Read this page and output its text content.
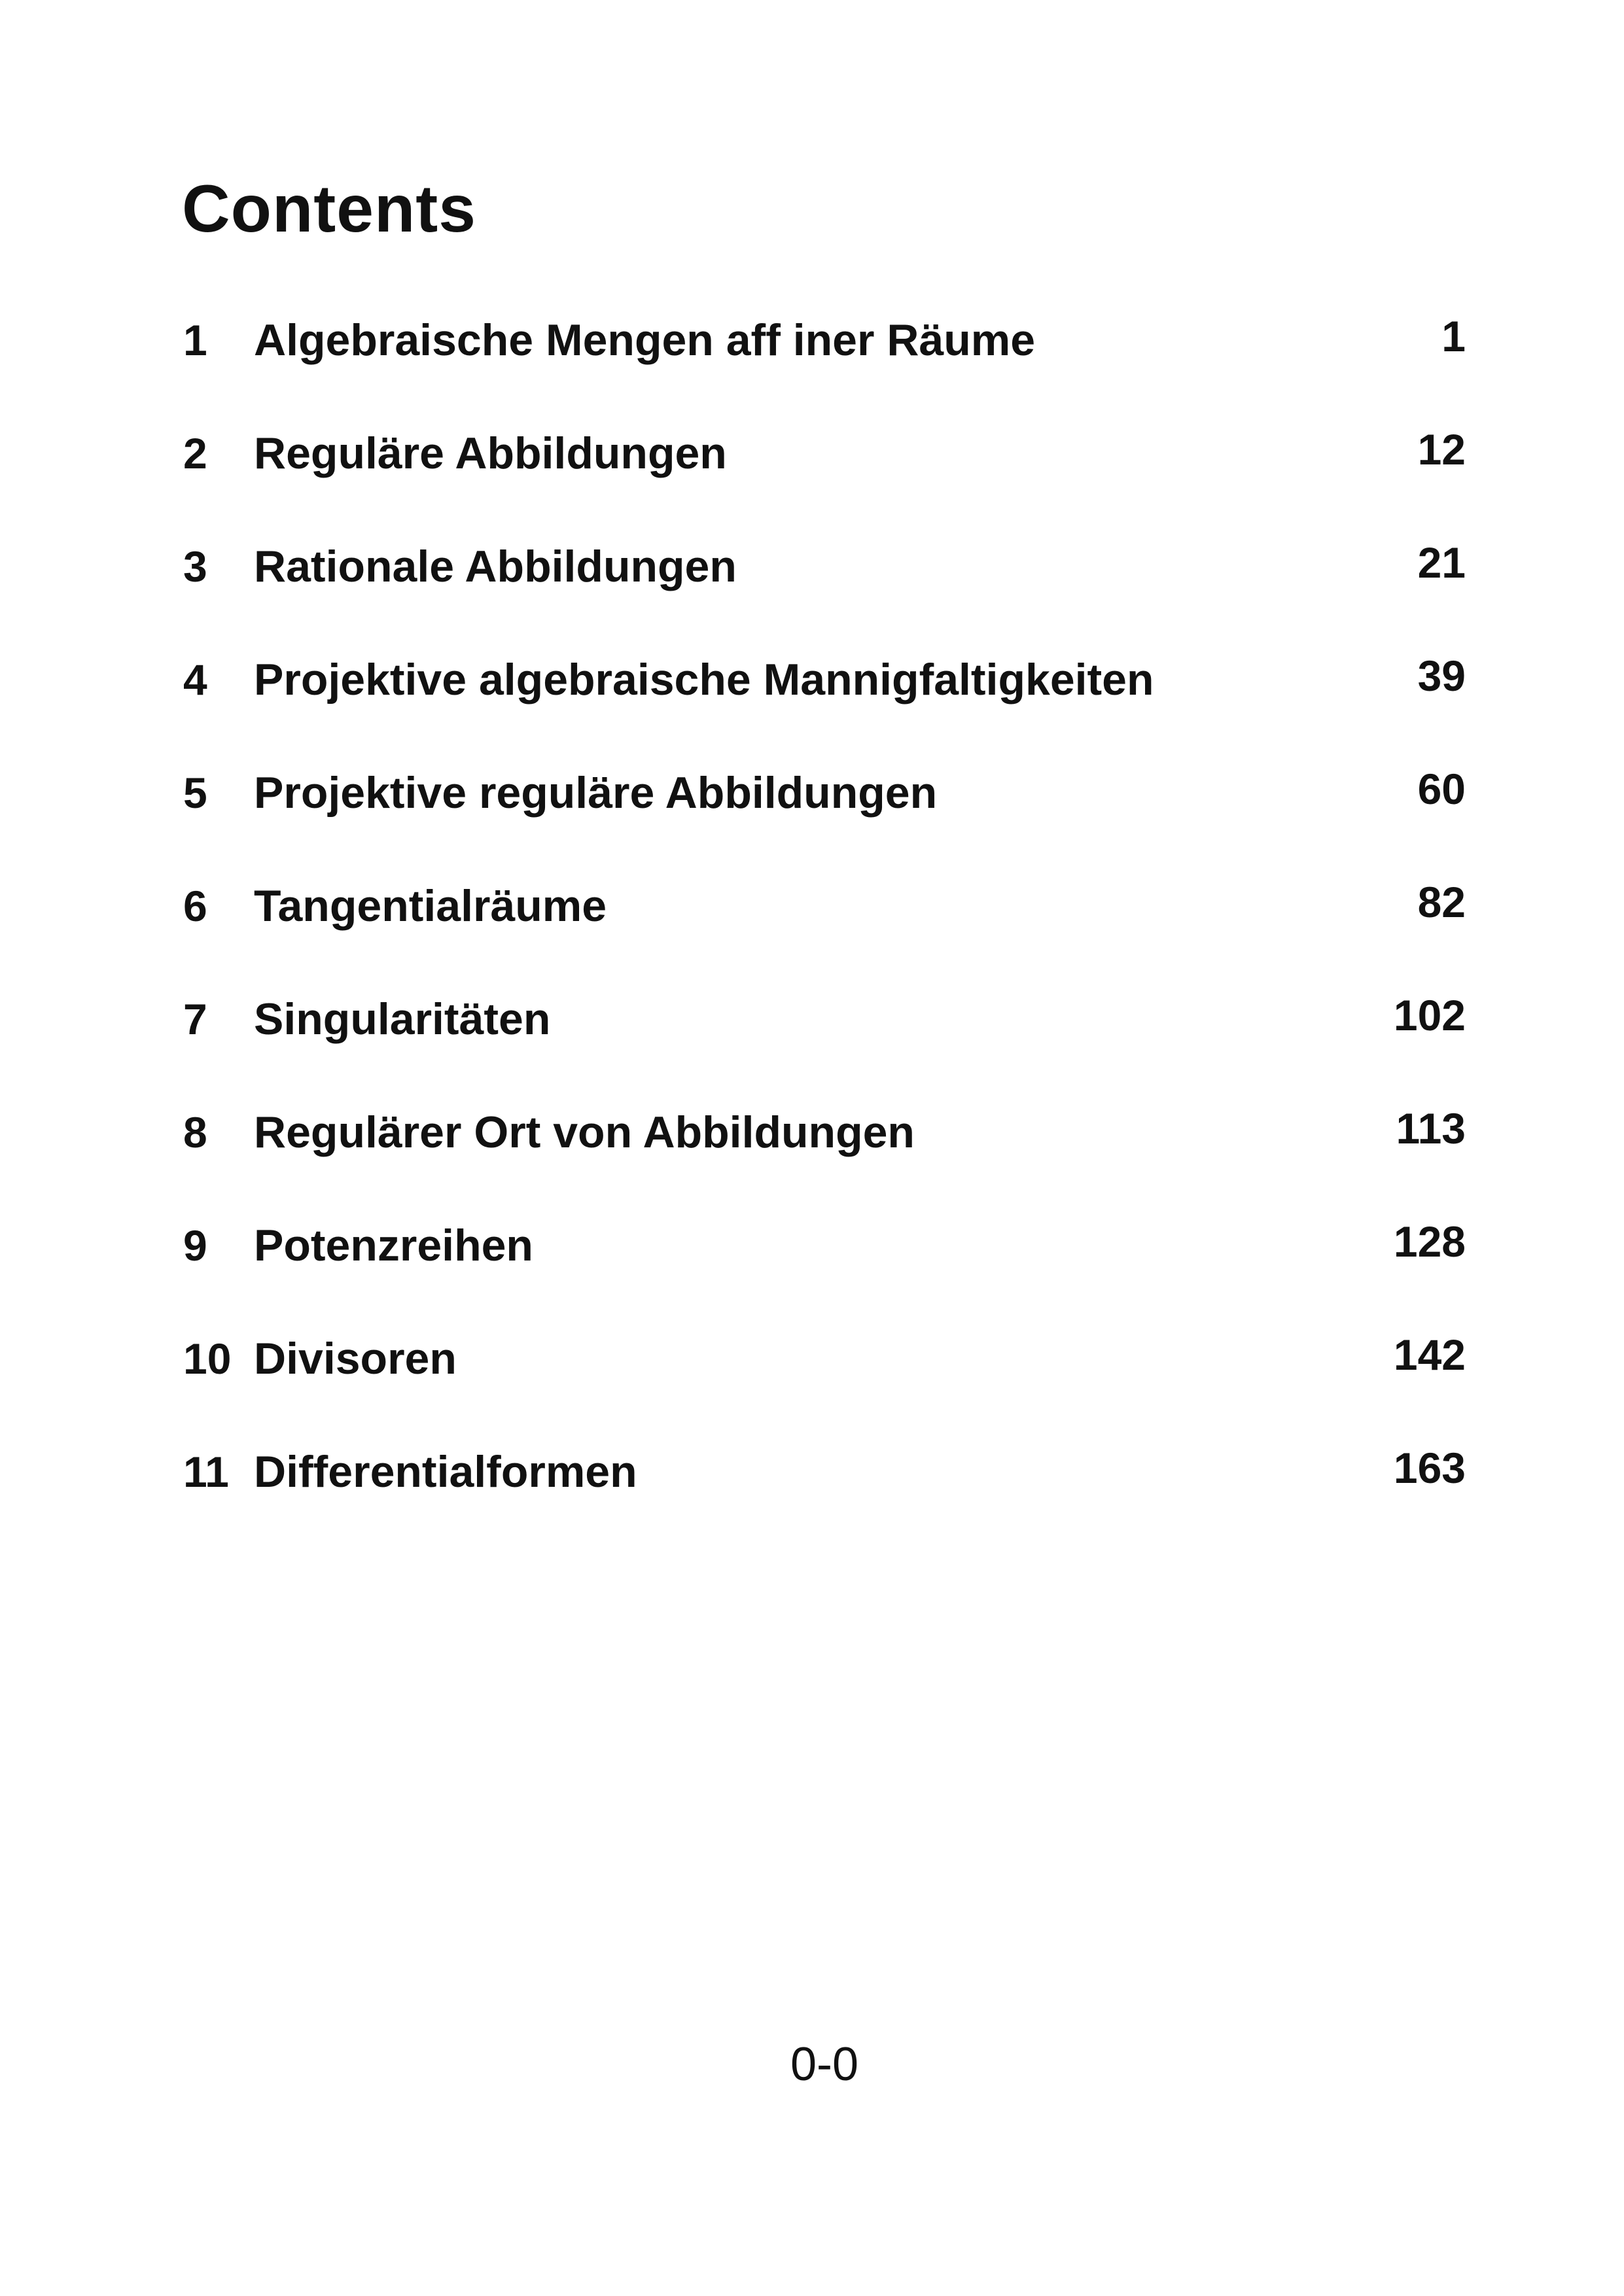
Contents
1 Algebraische Mengen aff iner Räume	1
2 Reguläre Abbildungen	12
3 Rationale Abbildungen	21
4 Projektive algebraische Mannigfaltigkeiten	39
5 Projektive reguläre Abbildungen	60
6 Tangentialräume	82
7 Singularitäten	102
8 Regulärer Ort von Abbildungen	113
9 Potenzreihen	128
10 Divisoren	142
11 Differentialformen	163
0-0
